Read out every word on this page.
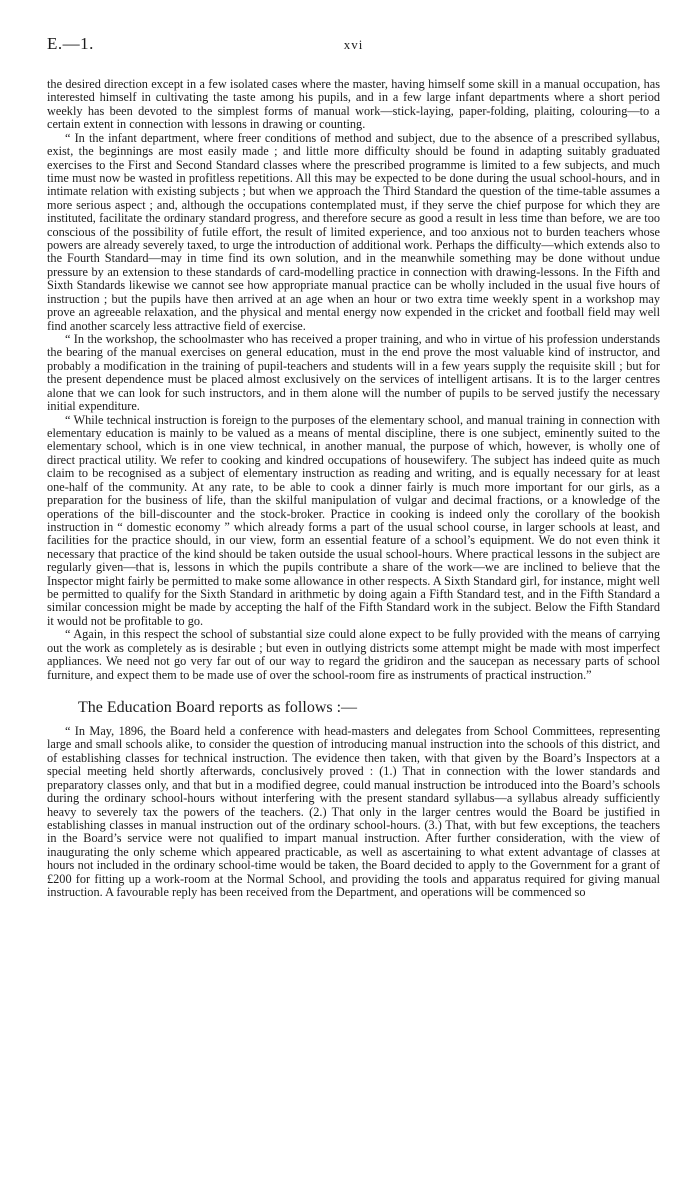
E.—1.	xvi

the desired direction except in a few isolated cases where the master, having himself some skill in a manual occupation, has interested himself in cultivating the taste among his pupils, and in a few large infant departments where a short period weekly has been devoted to the simplest forms of manual work—stick-laying, paper-folding, plaiting, colouring—to a certain extent in connection with lessons in drawing or counting.

“ In the infant department, where freer conditions of method and subject, due to the absence of a prescribed syllabus, exist, the beginnings are most easily made ; and little more difficulty should be found in adapting suitably graduated exercises to the First and Second Standard classes where the prescribed programme is limited to a few subjects, and much time must now be wasted in profitless repetitions. All this may be expected to be done during the usual school-hours, and in intimate relation with existing subjects ; but when we approach the Third Standard the question of the time-table assumes a more serious aspect ; and, although the occupations contemplated must, if they serve the chief purpose for which they are instituted, facilitate the ordinary standard progress, and therefore secure as good a result in less time than before, we are too conscious of the possibility of futile effort, the result of limited experience, and too anxious not to burden teachers whose powers are already severely taxed, to urge the introduction of additional work. Perhaps the difficulty—which extends also to the Fourth Standard—may in time find its own solution, and in the meanwhile something may be done without undue pressure by an extension to these standards of card-modelling practice in connection with drawing-lessons. In the Fifth and Sixth Standards likewise we cannot see how appropriate manual practice can be wholly included in the usual five hours of instruction ; but the pupils have then arrived at an age when an hour or two extra time weekly spent in a workshop may prove an agreeable relaxation, and the physical and mental energy now expended in the cricket and football field may well find another scarcely less attractive field of exercise.

“ In the workshop, the schoolmaster who has received a proper training, and who in virtue of his profession understands the bearing of the manual exercises on general education, must in the end prove the most valuable kind of instructor, and probably a modification in the training of pupil-teachers and students will in a few years supply the requisite skill ; but for the present dependence must be placed almost exclusively on the services of intelligent artisans. It is to the larger centres alone that we can look for such instructors, and in them alone will the number of pupils to be served justify the necessary initial expenditure.

“ While technical instruction is foreign to the purposes of the elementary school, and manual training in connection with elementary education is mainly to be valued as a means of mental discipline, there is one subject, eminently suited to the elementary school, which is in one view technical, in another manual, the purpose of which, however, is wholly one of direct practical utility. We refer to cooking and kindred occupations of housewifery. The subject has indeed quite as much claim to be recognised as a subject of elementary instruction as reading and writing, and is equally necessary for at least one-half of the community. At any rate, to be able to cook a dinner fairly is much more important for our girls, as a preparation for the business of life, than the skilful manipulation of vulgar and decimal fractions, or a knowledge of the operations of the bill-discounter and the stock-broker. Practice in cooking is indeed only the corollary of the bookish instruction in “ domestic economy ” which already forms a part of the usual school course, in larger schools at least, and facilities for the practice should, in our view, form an essential feature of a school’s equipment. We do not even think it necessary that practice of the kind should be taken outside the usual school-hours. Where practical lessons in the subject are regularly given—that is, lessons in which the pupils contribute a share of the work—we are inclined to believe that the Inspector might fairly be permitted to make some allowance in other respects. A Sixth Standard girl, for instance, might well be permitted to qualify for the Sixth Standard in arithmetic by doing again a Fifth Standard test, and in the Fifth Standard a similar concession might be made by accepting the half of the Fifth Standard work in the subject. Below the Fifth Standard it would not be profitable to go.

“ Again, in this respect the school of substantial size could alone expect to be fully provided with the means of carrying out the work as completely as is desirable ; but even in outlying districts some attempt might be made with most imperfect appliances. We need not go very far out of our way to regard the gridiron and the saucepan as necessary parts of school furniture, and expect them to be made use of over the school-room fire as instruments of practical instruction.”

The Education Board reports as follows :—

“ In May, 1896, the Board held a conference with head-masters and delegates from School Committees, representing large and small schools alike, to consider the question of introducing manual instruction into the schools of this district, and of establishing classes for technical instruction. The evidence then taken, with that given by the Board’s Inspectors at a special meeting held shortly afterwards, conclusively proved : (1.) That in connection with the lower standards and preparatory classes only, and that but in a modified degree, could manual instruction be introduced into the Board’s schools during the ordinary school-hours without interfering with the present standard syllabus—a syllabus already sufficiently heavy to severely tax the powers of the teachers. (2.) That only in the larger centres would the Board be justified in establishing classes in manual instruction out of the ordinary school-hours. (3.) That, with but few exceptions, the teachers in the Board’s service were not qualified to impart manual instruction. After further consideration, with the view of inaugurating the only scheme which appeared practicable, as well as ascertaining to what extent advantage of classes at hours not included in the ordinary school-time would be taken, the Board decided to apply to the Government for a grant of £200 for fitting up a work-room at the Normal School, and providing the tools and apparatus required for giving manual instruction. A favourable reply has been received from the Department, and operations will be commenced so
